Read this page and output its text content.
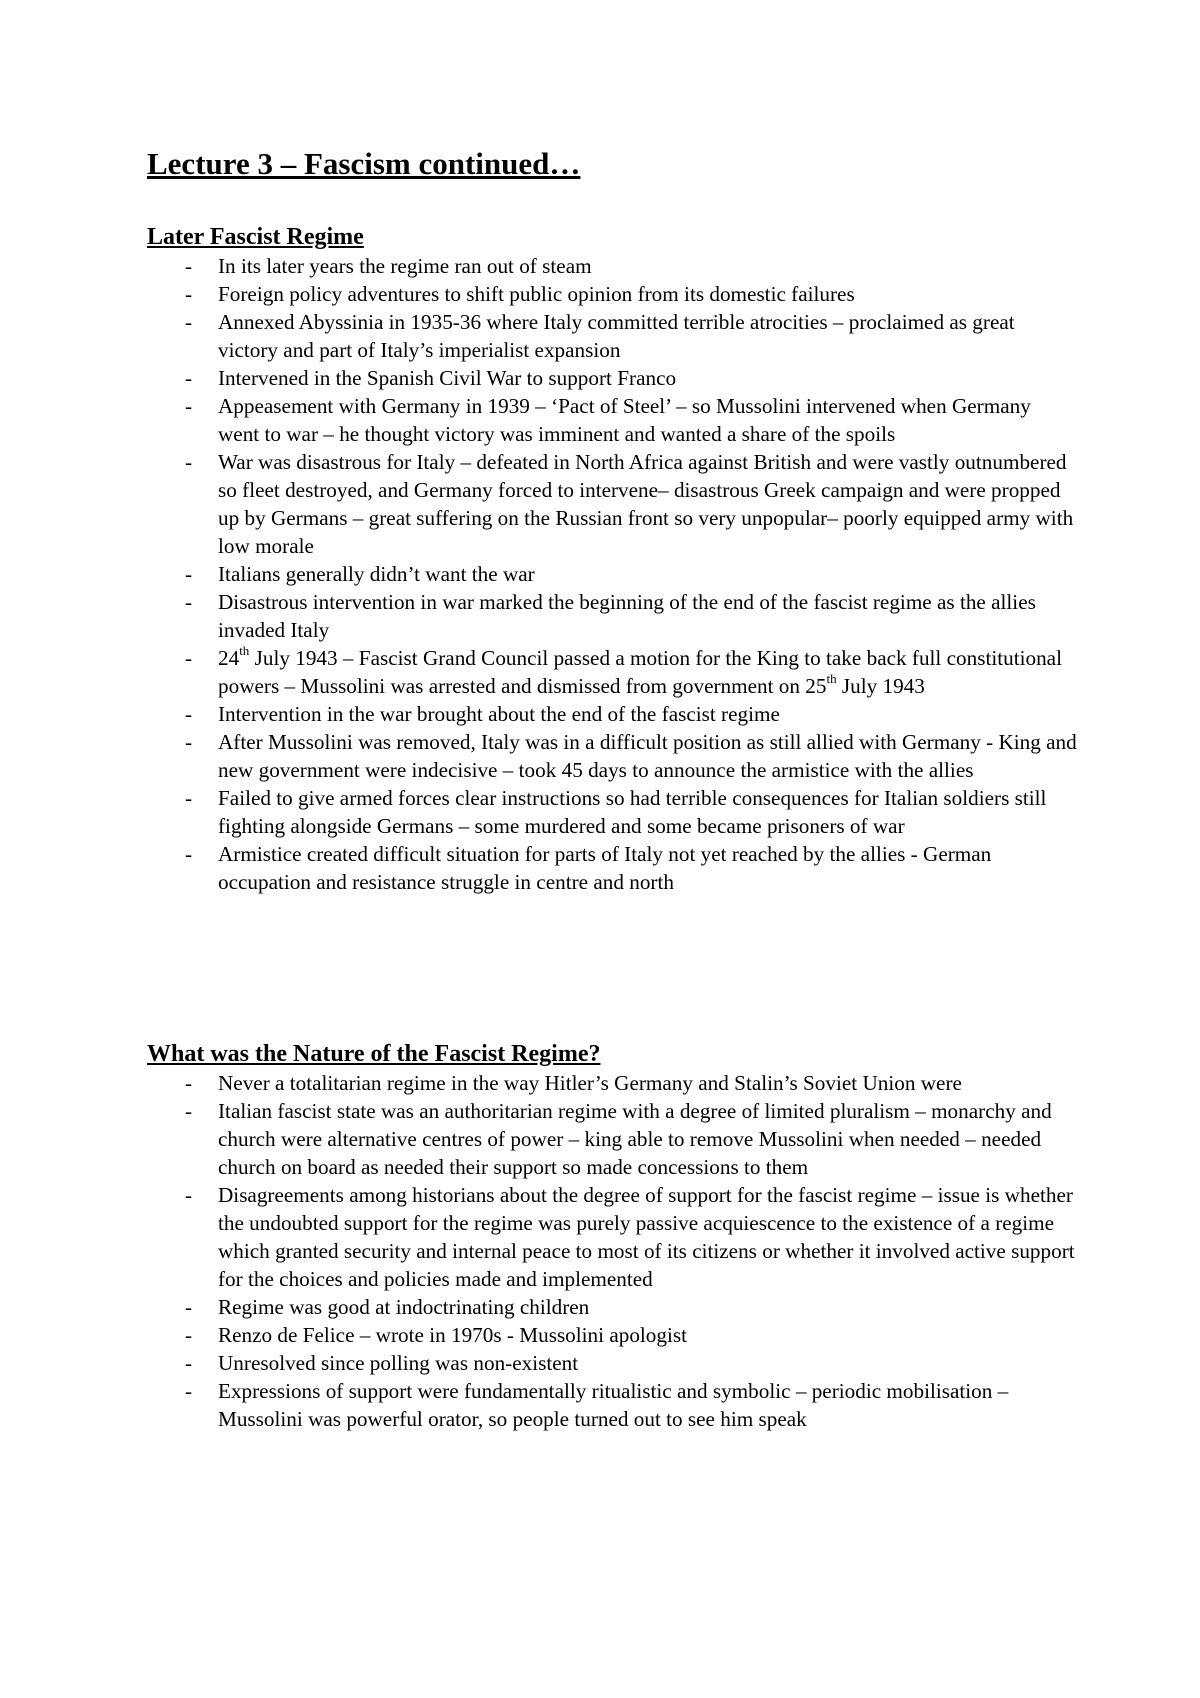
Lecture 3 – Fascism continued…
Later Fascist Regime
- In its later years the regime ran out of steam
- Foreign policy adventures to shift public opinion from its domestic failures
- Annexed Abyssinia in 1935-36 where Italy committed terrible atrocities – proclaimed as great victory and part of Italy’s imperialist expansion
- Intervened in the Spanish Civil War to support Franco
- Appeasement with Germany in 1939 – ‘Pact of Steel’ – so Mussolini intervened when Germany went to war – he thought victory was imminent and wanted a share of the spoils
- War was disastrous for Italy – defeated in North Africa against British and were vastly outnumbered so fleet destroyed, and Germany forced to intervene– disastrous Greek campaign and were propped up by Germans – great suffering on the Russian front so very unpopular– poorly equipped army with low morale
- Italians generally didn’t want the war
- Disastrous intervention in war marked the beginning of the end of the fascist regime as the allies invaded Italy
- 24th July 1943 – Fascist Grand Council passed a motion for the King to take back full constitutional powers – Mussolini was arrested and dismissed from government on 25th July 1943
- Intervention in the war brought about the end of the fascist regime
- After Mussolini was removed, Italy was in a difficult position as still allied with Germany - King and new government were indecisive – took 45 days to announce the armistice with the allies
- Failed to give armed forces clear instructions so had terrible consequences for Italian soldiers still fighting alongside Germans – some murdered and some became prisoners of war
- Armistice created difficult situation for parts of Italy not yet reached by the allies - German occupation and resistance struggle in centre and north
What was the Nature of the Fascist Regime?
- Never a totalitarian regime in the way Hitler’s Germany and Stalin’s Soviet Union were
- Italian fascist state was an authoritarian regime with a degree of limited pluralism – monarchy and church were alternative centres of power – king able to remove Mussolini when needed – needed church on board as needed their support so made concessions to them
- Disagreements among historians about the degree of support for the fascist regime – issue is whether the undoubted support for the regime was purely passive acquiescence to the existence of a regime which granted security and internal peace to most of its citizens or whether it involved active support for the choices and policies made and implemented
- Regime was good at indoctrinating children
- Renzo de Felice – wrote in 1970s - Mussolini apologist
- Unresolved since polling was non-existent
- Expressions of support were fundamentally ritualistic and symbolic – periodic mobilisation – Mussolini was powerful orator, so people turned out to see him speak
